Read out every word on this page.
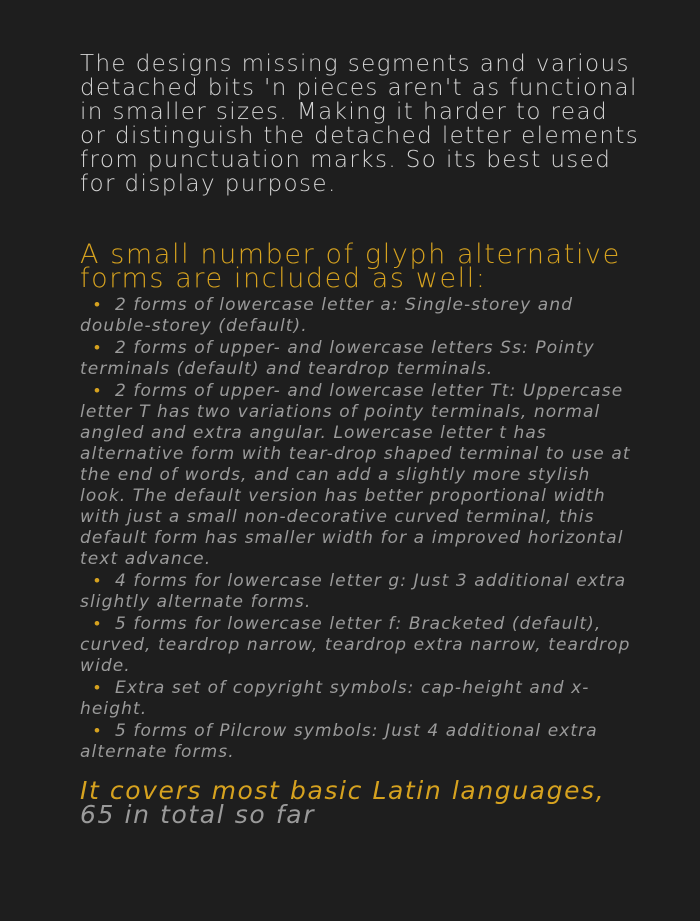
The designs missing segments and various detached bits 'n pieces aren't as functional in smaller sizes. Making it harder to read or distinguish the detached letter elements from punctuation marks. So its best used for display purpose.

A small number of glyph alternative forms are included as well:
• 2 forms of lowercase letter a: Single-storey and double-storey (default).
• 2 forms of upper- and lowercase letters Ss: Pointy terminals (default) and teardrop terminals.
• 2 forms of upper- and lowercase letter Tt: Uppercase letter T has two variations of pointy terminals, normal angled and extra angular. Lowercase letter t has alternative form with tear-drop shaped terminal to use at the end of words, and can add a slightly more stylish look. The default version has better proportional width with just a small non-decorative curved terminal, this default form has smaller width for a improved horizontal text advance.
• 4 forms for lowercase letter g: Just 3 additional extra slightly alternate forms.
• 5 forms for lowercase letter f: Bracketed (default), curved, teardrop narrow, teardrop extra narrow, teardrop wide.
• Extra set of copyright symbols: cap-height and x-height.
• 5 forms of Pilcrow symbols: Just 4 additional extra alternate forms.

It covers most basic Latin languages,
65 in total so far
